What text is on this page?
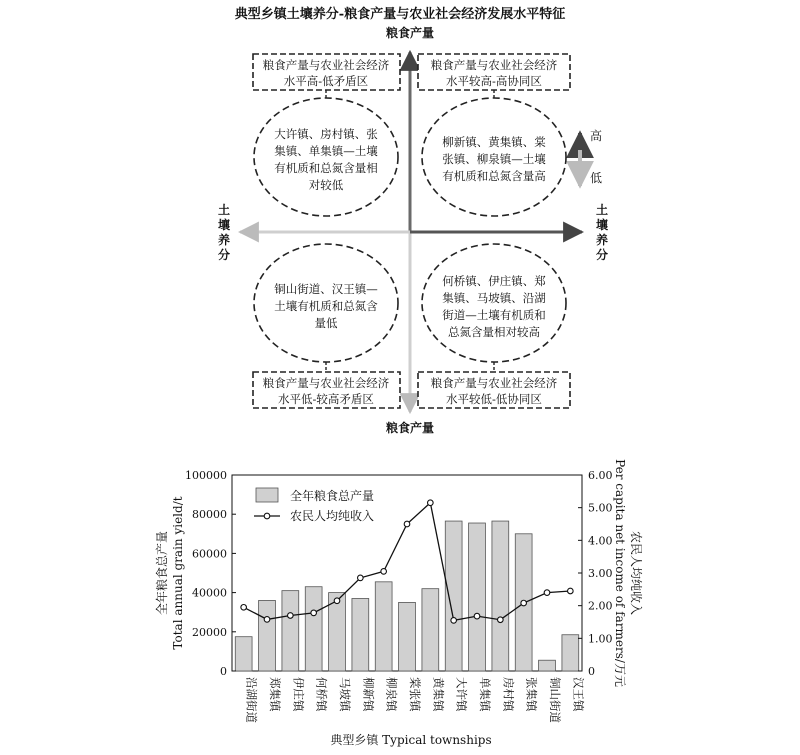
典型乡镇土壤养分-粮食产量与农业社会经济发展水平特征
粮食产量
粮食产量
土壤养分
土壤养分
高
低
粮食产量与农业社会经济
水平高-低矛盾区
粮食产量与农业社会经济
水平较高-高协同区
粮食产量与农业社会经济
水平低-较高矛盾区
粮食产量与农业社会经济
水平较低-低协同区
大许镇、房村镇、张
集镇、单集镇—土壤
有机质和总氮含量相
对较低
柳新镇、黄集镇、棠
张镇、柳泉镇—土壤
有机质和总氮含量高
铜山街道、汉王镇—
土壤有机质和总氮含
量低
何桥镇、伊庄镇、郑
集镇、马坡镇、沿湖
街道—土壤有机质和
总氮含量相对较高
0
20000
40000
60000
80000
100000
0
1.00
2.00
3.00
4.00
5.00
6.00
沿湖街道 郑集镇 伊庄镇 何桥镇 马坡镇 柳新镇 柳泉镇 棠张镇 黄集镇 大许镇 单集镇 房村镇 张集镇 铜山街道 汉王镇
典型乡镇 Typical townships
全年粮食总产量 Total annual grain yield/t	农民人均纯收入Per capita net income of farmers/万元
全年粮食总产量
农民人均纯收入
